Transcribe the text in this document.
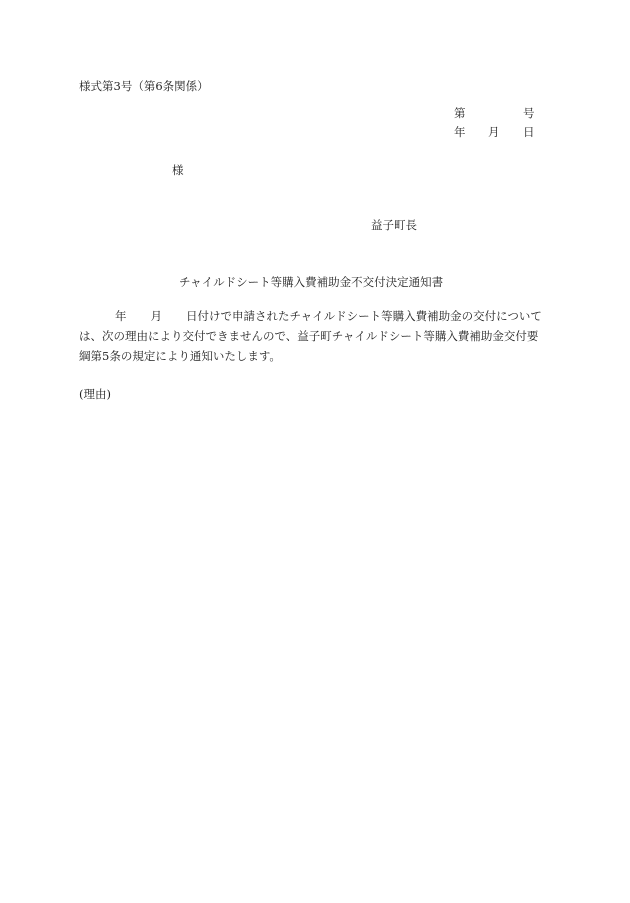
様式第3号（第6条関係）
第	号
年 月 日
様
益子町長
チャイルドシート等購入費補助金不交付決定通知書
年 月 日付けで申請されたチャイルドシート等購入費補助金の交付について
は、次の理由により交付できませんので、益子町チャイルドシート等購入費補助金交付要
綱第5条の規定により通知いたします。
(理由)
